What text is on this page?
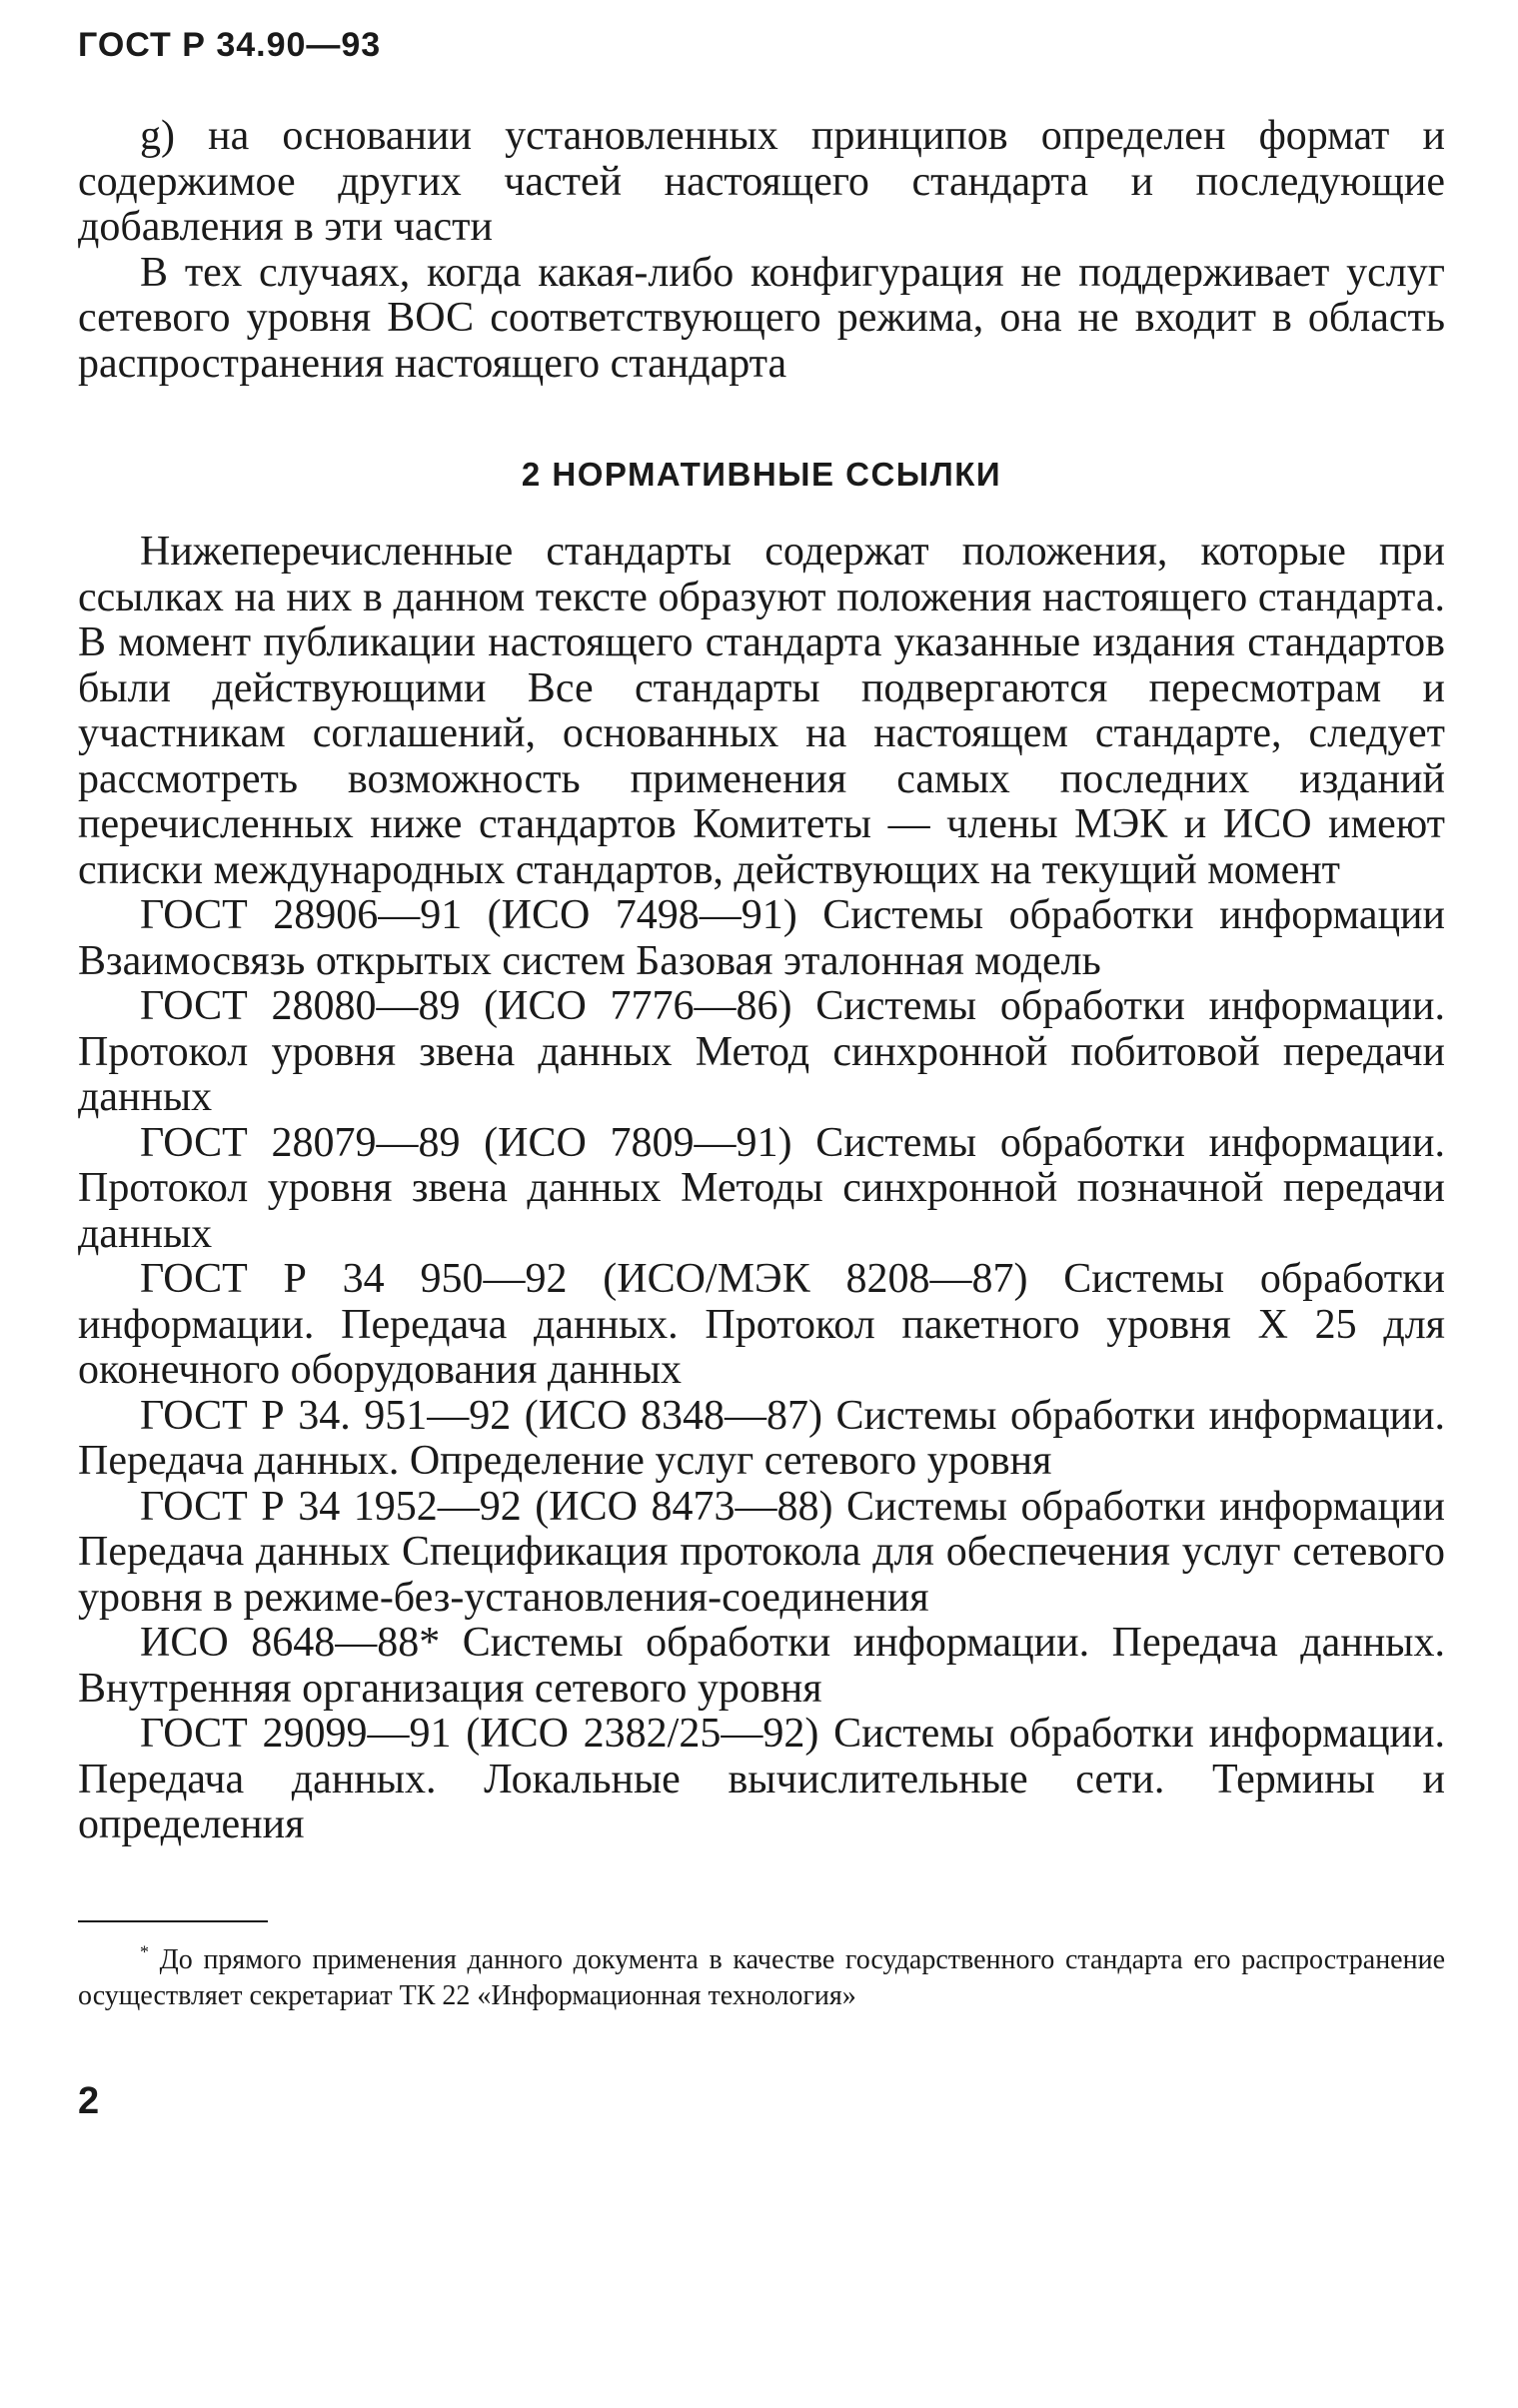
ГОСТ Р 34.90—93

g) на основании установленных принципов определен формат и содержимое других частей настоящего стандарта и последующие добавления в эти части

В тех случаях, когда какая-либо конфигурация не поддерживает услуг сетевого уровня ВОС соответствующего режима, она не входит в область распространения настоящего стандарта

2 НОРМАТИВНЫЕ ССЫЛКИ

Нижеперечисленные стандарты содержат положения, которые при ссылках на них в данном тексте образуют положения настоящего стандарта. В момент публикации настоящего стандарта указанные издания стандартов были действующими Все стандарты подвергаются пересмотрам и участникам соглашений, основанных на настоящем стандарте, следует рассмотреть возможность применения самых последних изданий перечисленных ниже стандартов Комитеты — члены МЭК и ИСО имеют списки международных стандартов, действующих на текущий момент

ГОСТ 28906—91 (ИСО 7498—91) Системы обработки информации Взаимосвязь открытых систем Базовая эталонная модель

ГОСТ 28080—89 (ИСО 7776—86) Системы обработки информации. Протокол уровня звена данных Метод синхронной побитовой передачи данных

ГОСТ 28079—89 (ИСО 7809—91) Системы обработки информации. Протокол уровня звена данных Методы синхронной позначной передачи данных

ГОСТ Р 34 950—92 (ИСО/МЭК 8208—87) Системы обработки информации. Передача данных. Протокол пакетного уровня X 25 для оконечного оборудования данных

ГОСТ Р 34. 951—92 (ИСО 8348—87) Системы обработки информации. Передача данных. Определение услуг сетевого уровня

ГОСТ Р 34 1952—92 (ИСО 8473—88) Системы обработки информации Передача данных Спецификация протокола для обеспечения услуг сетевого уровня в режиме-без-установления-соединения

ИСО 8648—88* Системы обработки информации. Передача данных. Внутренняя организация сетевого уровня

ГОСТ 29099—91 (ИСО 2382/25—92) Системы обработки информации. Передача данных. Локальные вычислительные сети. Термины и определения

* До прямого применения данного документа в качестве государственного стандарта его распространение осуществляет секретариат ТК 22 «Информационная технология»
2
